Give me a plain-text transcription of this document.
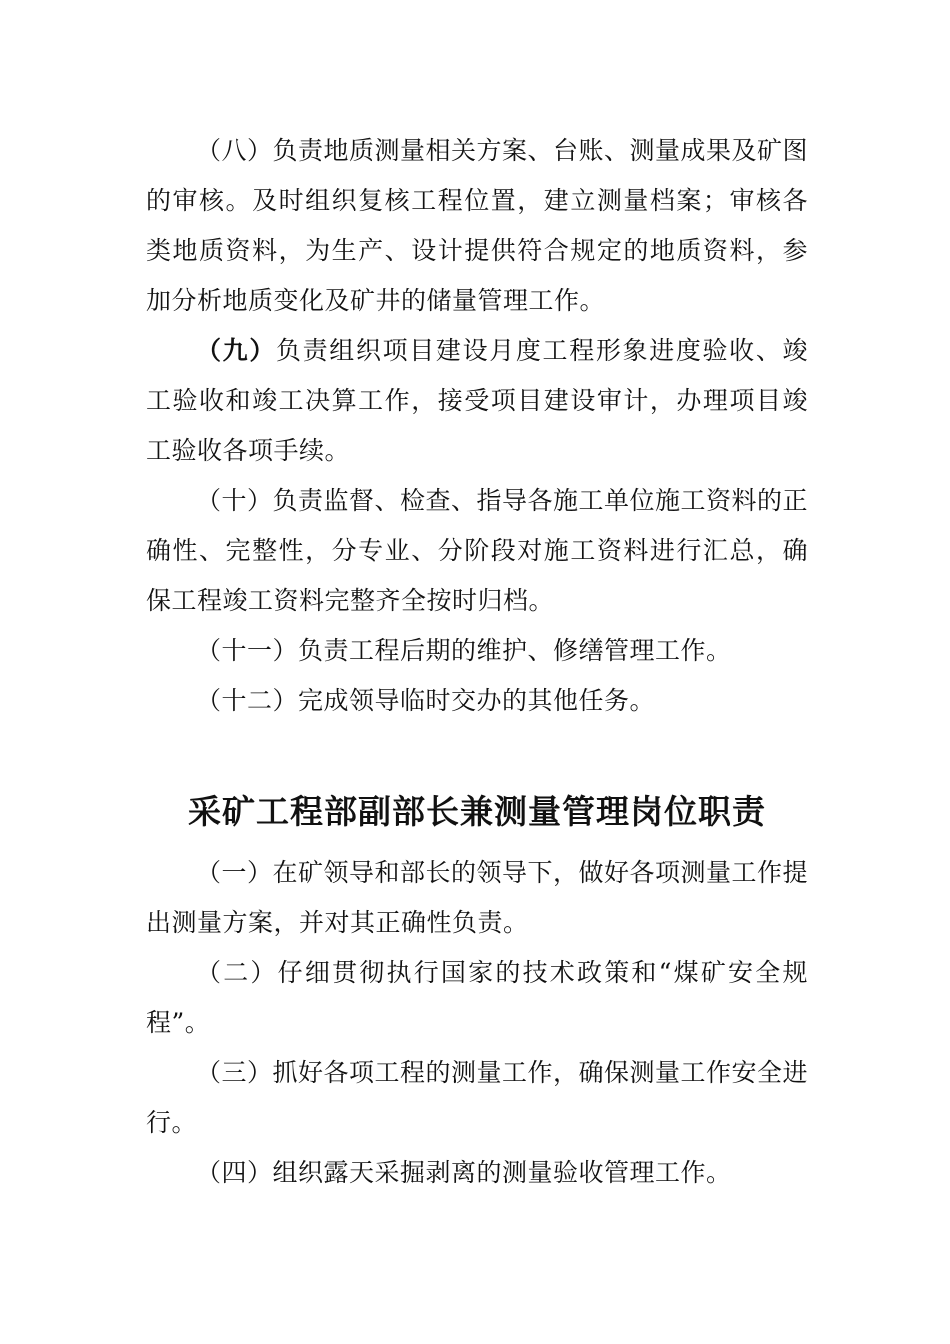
（八）负责地质测量相关方案、台账、测量成果及矿图的审核。及时组织复核工程位置，建立测量档案；审核各类地质资料，为生产、设计提供符合规定的地质资料，参加分析地质变化及矿井的储量管理工作。

（九）负责组织项目建设月度工程形象进度验收、竣工验收和竣工决算工作，接受项目建设审计，办理项目竣工验收各项手续。

（十）负责监督、检查、指导各施工单位施工资料的正确性、完整性，分专业、分阶段对施工资料进行汇总，确保工程竣工资料完整齐全按时归档。

（十一）负责工程后期的维护、修缮管理工作。

（十二）完成领导临时交办的其他任务。

采矿工程部副部长兼测量管理岗位职责

（一）在矿领导和部长的领导下，做好各项测量工作提出测量方案，并对其正确性负责。

（二）仔细贯彻执行国家的技术政策和“煤矿安全规程”。

（三）抓好各项工程的测量工作，确保测量工作安全进行。

（四）组织露天采掘剥离的测量验收管理工作。
